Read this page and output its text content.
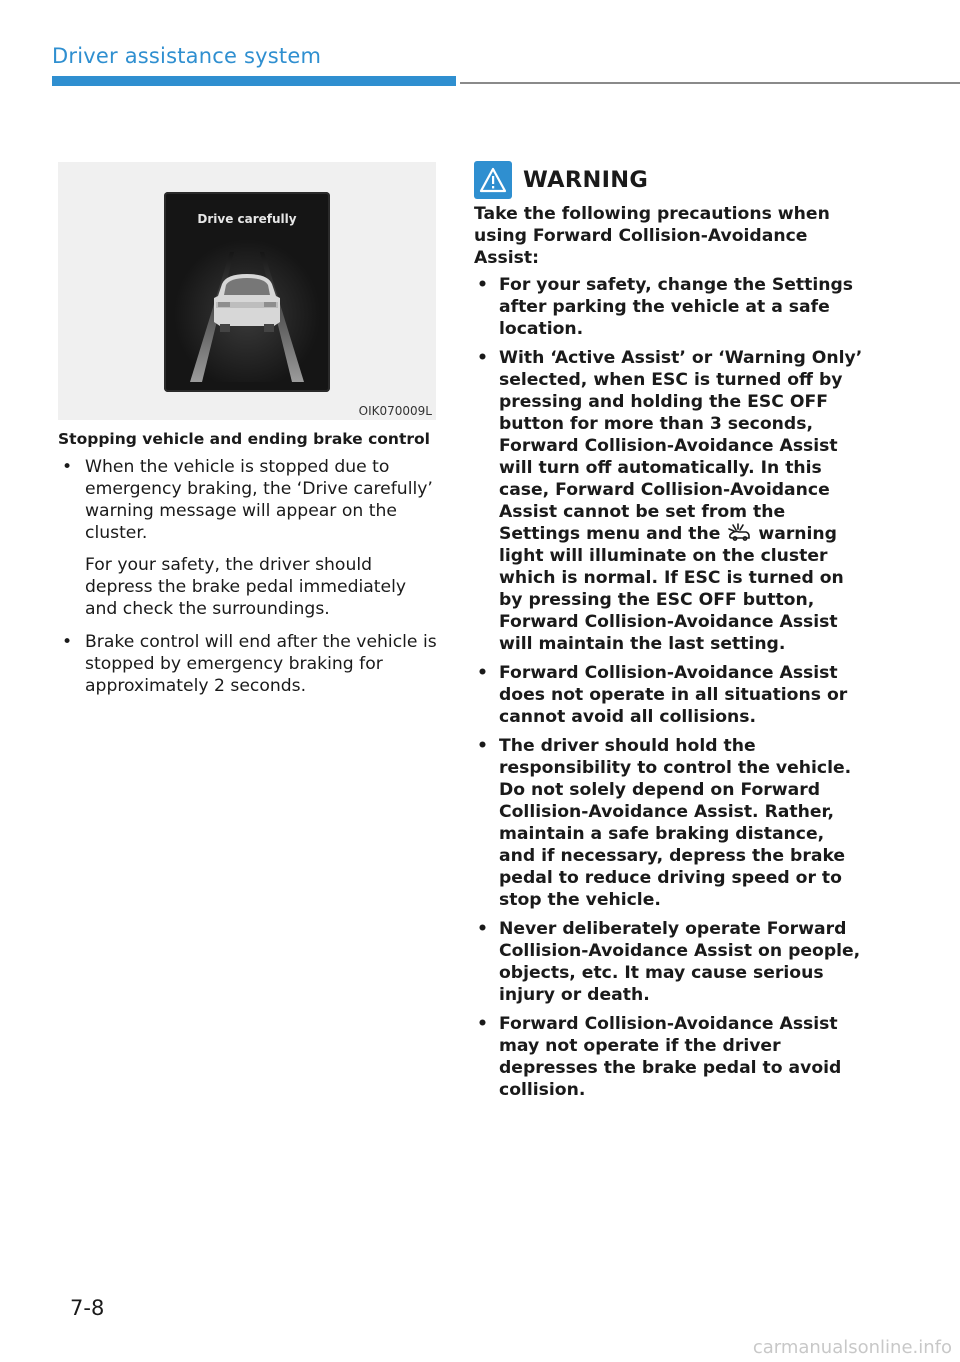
Driver assistance system
Drive carefully
OIK070009L
Stopping vehicle and ending brake control
• When the vehicle is stopped due to emergency braking, the ‘Drive carefully’ warning message will appear on the cluster.

For your safety, the driver should depress the brake pedal immediately and check the surroundings.

• Brake control will end after the vehicle is stopped by emergency braking for approximately 2 seconds.

WARNING

Take the following precautions when using Forward Collision-Avoidance Assist:

• For your safety, change the Settings after parking the vehicle at a safe location.
• With ‘Active Assist’ or ‘Warning Only’ selected, when ESC is turned off by pressing and holding the ESC OFF button for more than 3 seconds, Forward Collision-Avoidance Assist will turn off automatically. In this case, Forward Collision-Avoidance Assist cannot be set from the Settings menu and the warning light will illuminate on the cluster which is normal. If ESC is turned on by pressing the ESC OFF button, Forward Collision-Avoidance Assist will maintain the last setting.
• Forward Collision-Avoidance Assist does not operate in all situations or cannot avoid all collisions.
• The driver should hold the responsibility to control the vehicle. Do not solely depend on Forward Collision-Avoidance Assist. Rather, maintain a safe braking distance, and if necessary, depress the brake pedal to reduce driving speed or to stop the vehicle.
• Never deliberately operate Forward Collision-Avoidance Assist on people, objects, etc. It may cause serious injury or death.
• Forward Collision-Avoidance Assist may not operate if the driver depresses the brake pedal to avoid collision.
7-8
carmanualsonline.info
